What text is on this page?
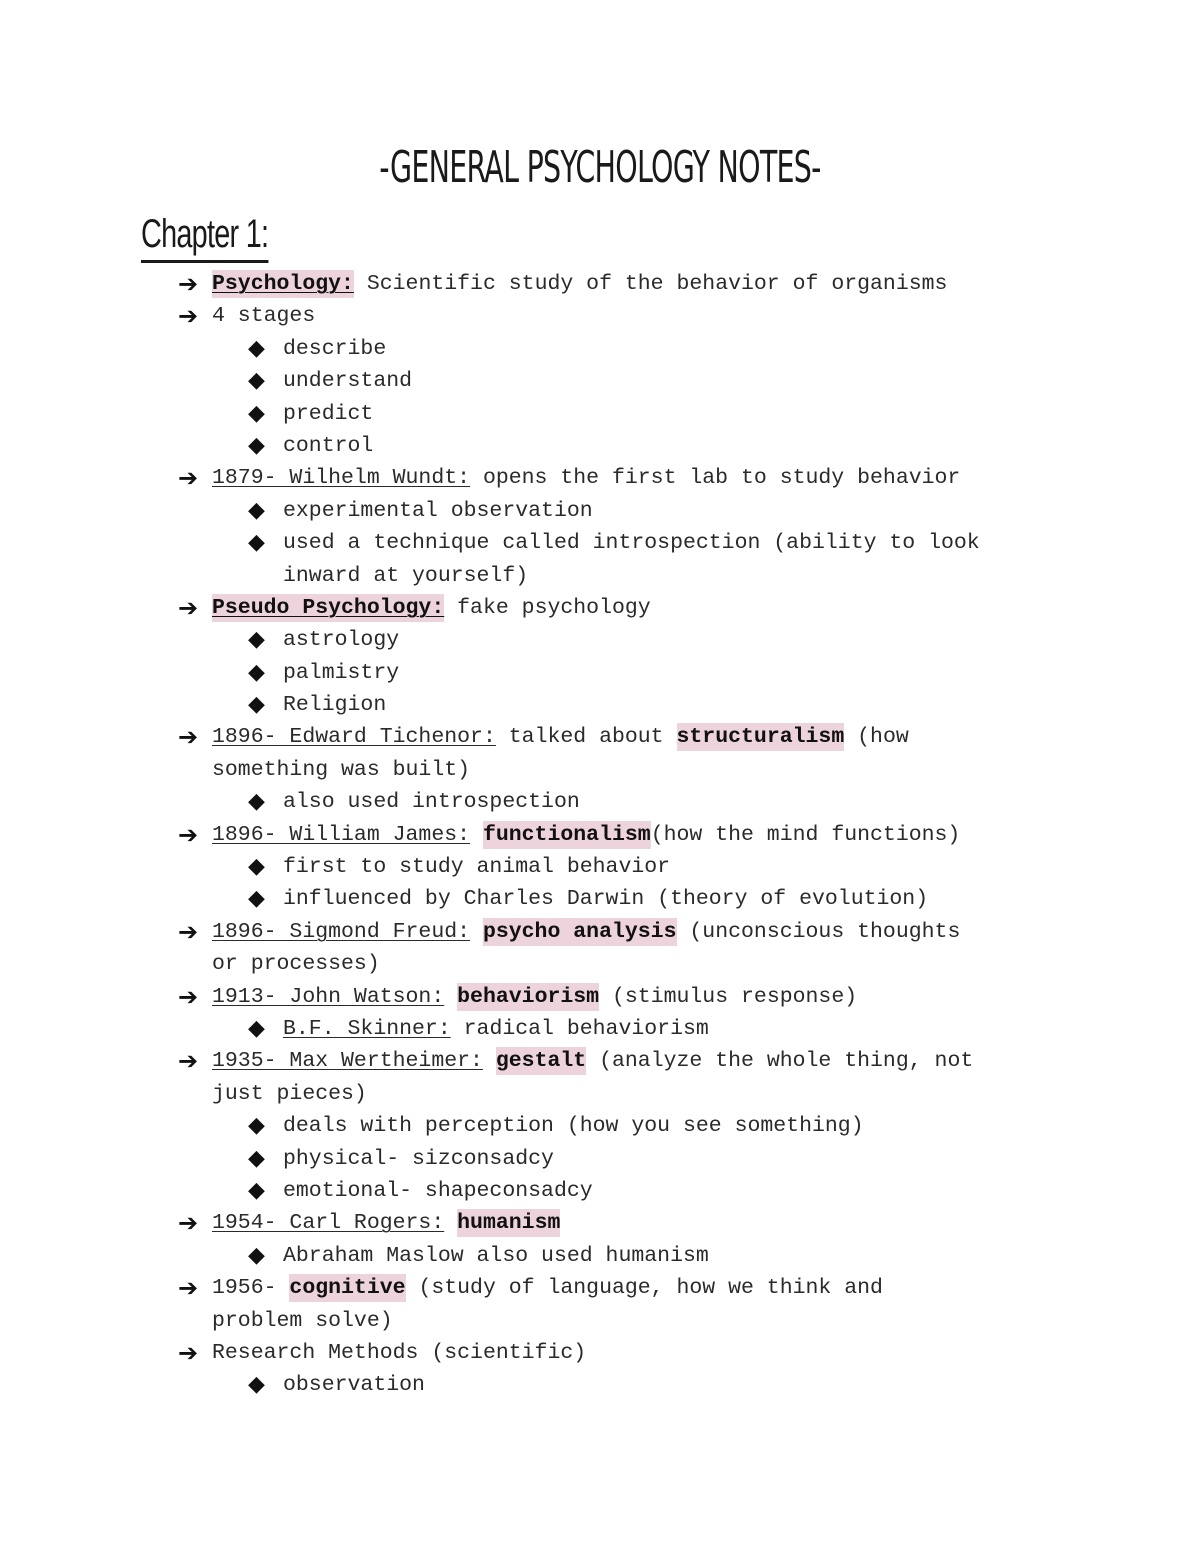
-GENERAL PSYCHOLOGY NOTES-
Chapter 1:
➔ Psychology: Scientific study of the behavior of organisms
➔ 4 stages
◆ describe
◆ understand
◆ predict
◆ control
➔ 1879- Wilhelm Wundt: opens the first lab to study behavior
◆ experimental observation
◆ used a technique called introspection (ability to look
inward at yourself)
➔ Pseudo Psychology: fake psychology
◆ astrology
◆ palmistry
◆ Religion
➔ 1896- Edward Tichenor: talked about structuralism (how
something was built)
◆ also used introspection
➔ 1896- William James: functionalism(how the mind functions)
◆ first to study animal behavior
◆ influenced by Charles Darwin (theory of evolution)
➔ 1896- Sigmond Freud: psycho analysis (unconscious thoughts
or processes)
➔ 1913- John Watson: behaviorism (stimulus response)
◆ B.F. Skinner: radical behaviorism
➔ 1935- Max Wertheimer: gestalt (analyze the whole thing, not
just pieces)
◆ deals with perception (how you see something)
◆ physical- sizconsadcy
◆ emotional- shapeconsadcy
➔ 1954- Carl Rogers: humanism
◆ Abraham Maslow also used humanism
➔ 1956- cognitive (study of language, how we think and
problem solve)
➔ Research Methods (scientific)
◆ observation
